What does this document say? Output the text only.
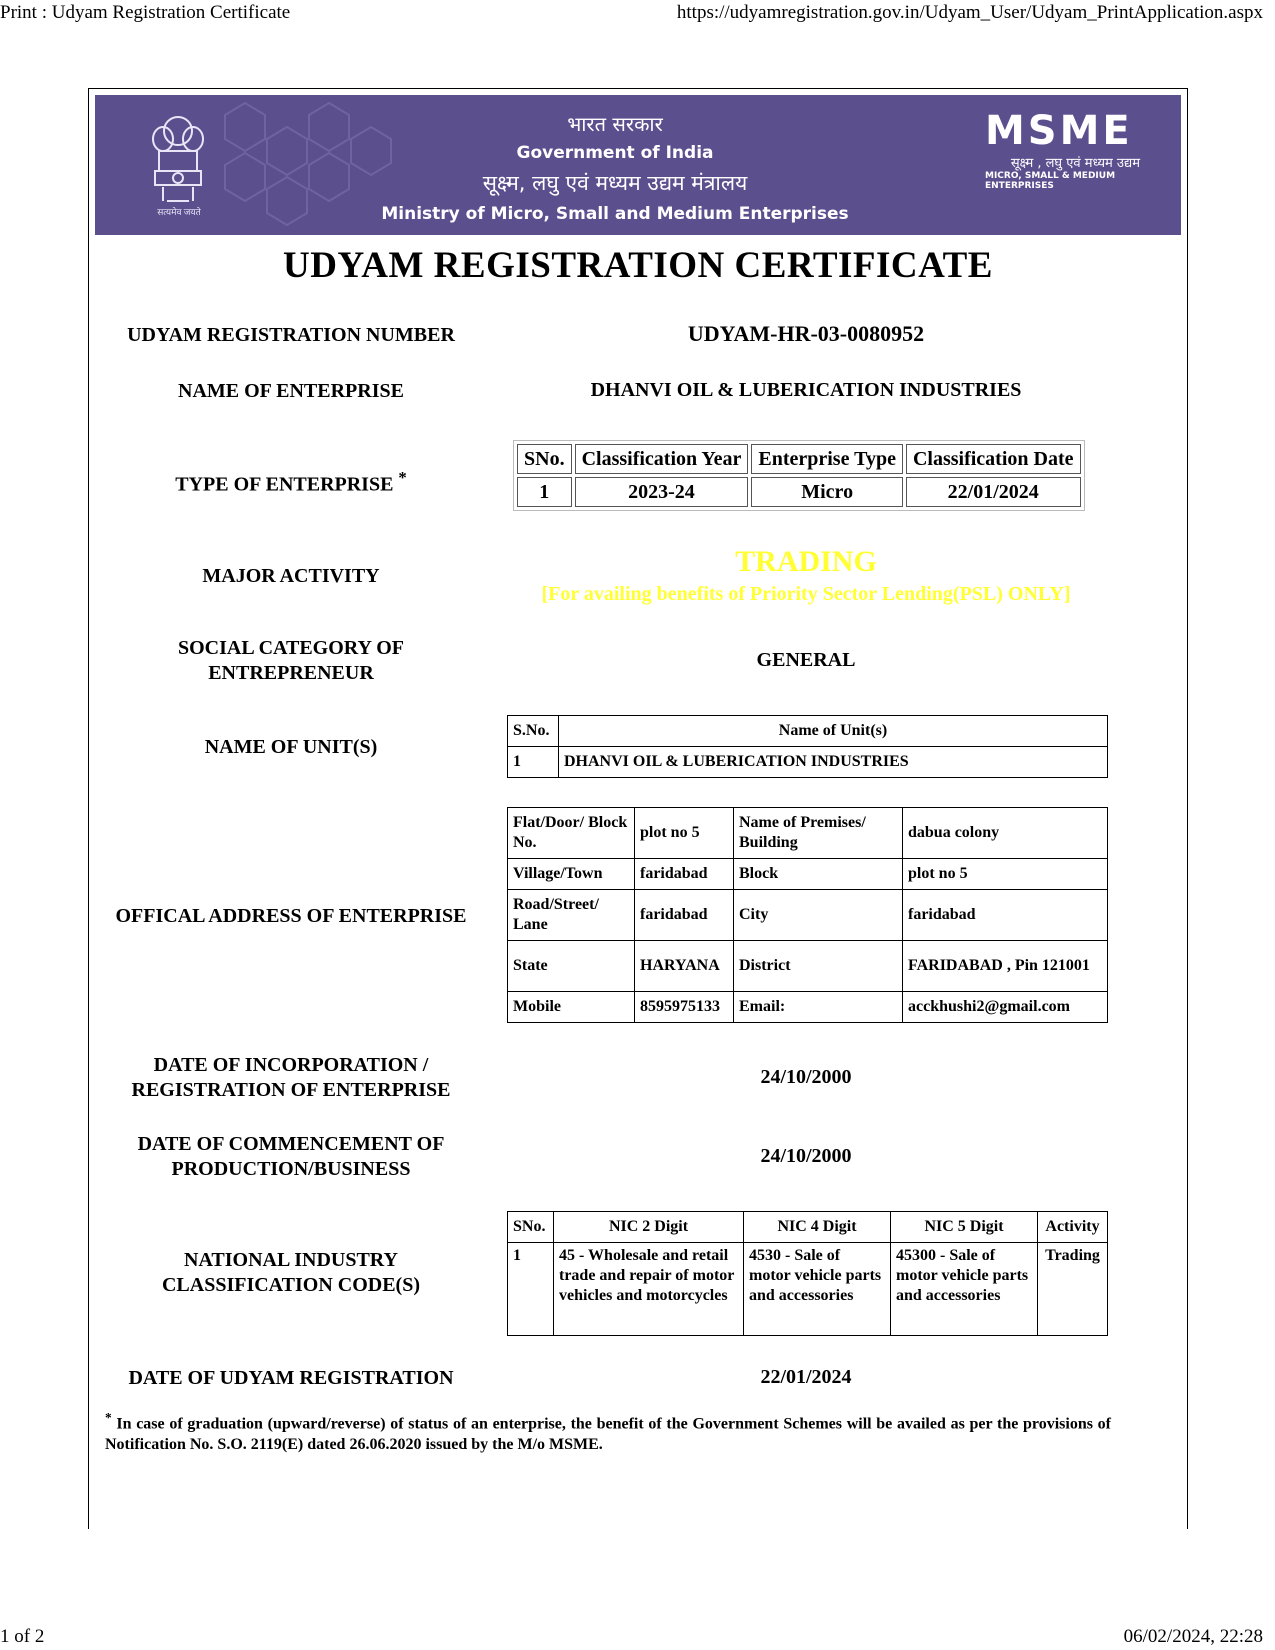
Print : Udyam Registration Certificate	https://udyamregistration.gov.in/Udyam_User/Udyam_PrintApplication.aspx
सत्यमेव जयते
भारत सरकार
Government of India
सूक्ष्म, लघु एवं मध्यम उद्यम मंत्रालय
Ministry of Micro, Small and Medium Enterprises
MSME
सूक्ष्म , लघु एवं मध्यम उद्यम
MICRO, SMALL & MEDIUM ENTERPRISES
UDYAM REGISTRATION CERTIFICATE
UDYAM REGISTRATION NUMBER	UDYAM-HR-03-0080952
NAME OF ENTERPRISE	DHANVI OIL & LUBERICATION INDUSTRIES
TYPE OF ENTERPRISE *
SNo.	Classification Year	Enterprise Type	Classification Date
1	2023-24	Micro	22/01/2024
MAJOR ACTIVITY	TRADING
[For availing benefits of Priority Sector Lending(PSL) ONLY]
SOCIAL CATEGORY OF
ENTREPRENEUR
GENERAL
NAME OF UNIT(S)
S.No.	Name of Unit(s)
1	DHANVI OIL & LUBERICATION INDUSTRIES
OFFICAL ADDRESS OF ENTERPRISE
Flat/Door/ Block No.	plot no 5	Name of Premises/ Building	dabua colony
Village/Town	faridabad	Block	plot no 5
Road/Street/ Lane	faridabad	City	faridabad
State	HARYANA	District	FARIDABAD , Pin 121001
Mobile	8595975133	Email:	acckhushi2@gmail.com
DATE OF INCORPORATION /
REGISTRATION OF ENTERPRISE
24/10/2000
DATE OF COMMENCEMENT OF
PRODUCTION/BUSINESS
24/10/2000
NATIONAL INDUSTRY
CLASSIFICATION CODE(S)
SNo.	NIC 2 Digit	NIC 4 Digit	NIC 5 Digit	Activity
1	45 - Wholesale and retail trade and repair of motor vehicles and motorcycles	4530 - Sale of motor vehicle parts and accessories	45300 - Sale of motor vehicle parts and accessories	Trading
DATE OF UDYAM REGISTRATION	22/01/2024
* In case of graduation (upward/reverse) of status of an enterprise, the benefit of the Government Schemes will be availed as per the provisions of Notification No. S.O. 2119(E) dated 26.06.2020 issued by the M/o MSME.
1 of 2	06/02/2024, 22:28
